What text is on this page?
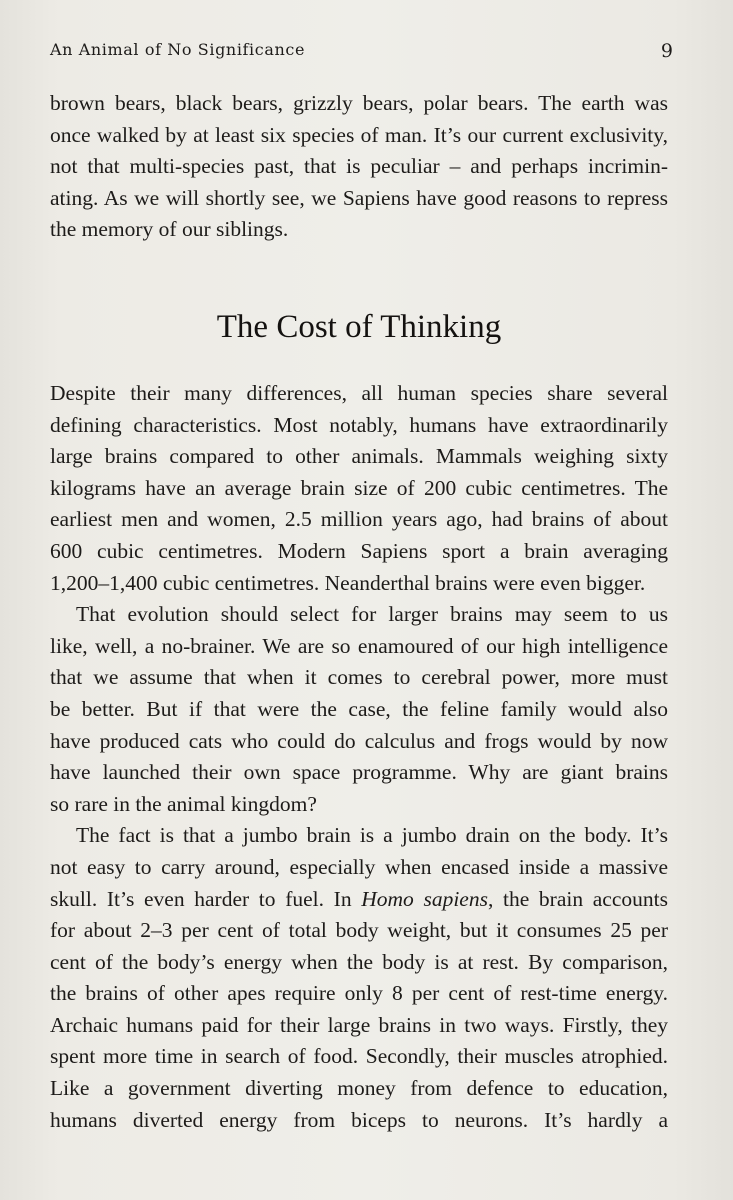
An Animal of No Significance	9
brown bears, black bears, grizzly bears, polar bears. The earth was
once walked by at least six species of man. It’s our current exclusivity,
not that multi-species past, that is peculiar – and perhaps incrimin-
ating. As we will shortly see, we Sapiens have good reasons to repress
the memory of our siblings.
The Cost of Thinking
Despite their many differences, all human species share several
defining characteristics. Most notably, humans have extraordinarily
large brains compared to other animals. Mammals weighing sixty
kilograms have an average brain size of 200 cubic centimetres. The
earliest men and women, 2.5 million years ago, had brains of about
600 cubic centimetres. Modern Sapiens sport a brain averaging
1,200–1,400 cubic centimetres. Neanderthal brains were even bigger.
That evolution should select for larger brains may seem to us
like, well, a no-brainer. We are so enamoured of our high intelligence
that we assume that when it comes to cerebral power, more must
be better. But if that were the case, the feline family would also
have produced cats who could do calculus and frogs would by now
have launched their own space programme. Why are giant brains
so rare in the animal kingdom?
The fact is that a jumbo brain is a jumbo drain on the body. It’s
not easy to carry around, especially when encased inside a massive
skull. It’s even harder to fuel. In Homo sapiens, the brain accounts
for about 2–3 per cent of total body weight, but it consumes 25 per
cent of the body’s energy when the body is at rest. By comparison,
the brains of other apes require only 8 per cent of rest-time energy.
Archaic humans paid for their large brains in two ways. Firstly, they
spent more time in search of food. Secondly, their muscles atrophied.
Like a government diverting money from defence to education,
humans diverted energy from biceps to neurons. It’s hardly a
